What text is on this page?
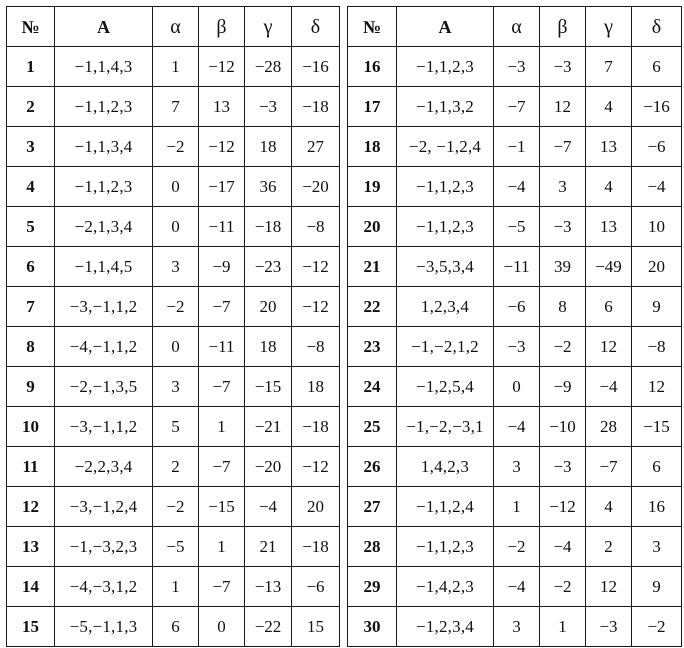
№	A	α	β	γ	δ
1	−1,1,4,3	1	−12	−28	−16
2	−1,1,2,3	7	13	−3	−18
3	−1,1,3,4	−2	−12	18	27
4	−1,1,2,3	0	−17	36	−20
5	−2,1,3,4	0	−11	−18	−8
6	−1,1,4,5	3	−9	−23	−12
7	−3,−1,1,2	−2	−7	20	−12
8	−4,−1,1,2	0	−11	18	−8
9	−2,−1,3,5	3	−7	−15	18
10	−3,−1,1,2	5	1	−21	−18
11	−2,2,3,4	2	−7	−20	−12
12	−3,−1,2,4	−2	−15	−4	20
13	−1,−3,2,3	−5	1	21	−18
14	−4,−3,1,2	1	−7	−13	−6
15	−5,−1,1,3	6	0	−22	15
№	A	α	β	γ	δ
16	−1,1,2,3	−3	−3	7	6
17	−1,1,3,2	−7	12	4	−16
18	−2, −1,2,4	−1	−7	13	−6
19	−1,1,2,3	−4	3	4	−4
20	−1,1,2,3	−5	−3	13	10
21	−3,5,3,4	−11	39	−49	20
22	1,2,3,4	−6	8	6	9
23	−1,−2,1,2	−3	−2	12	−8
24	−1,2,5,4	0	−9	−4	12
25	−1,−2,−3,1	−4	−10	28	−15
26	1,4,2,3	3	−3	−7	6
27	−1,1,2,4	1	−12	4	16
28	−1,1,2,3	−2	−4	2	3
29	−1,4,2,3	−4	−2	12	9
30	−1,2,3,4	3	1	−3	−2
